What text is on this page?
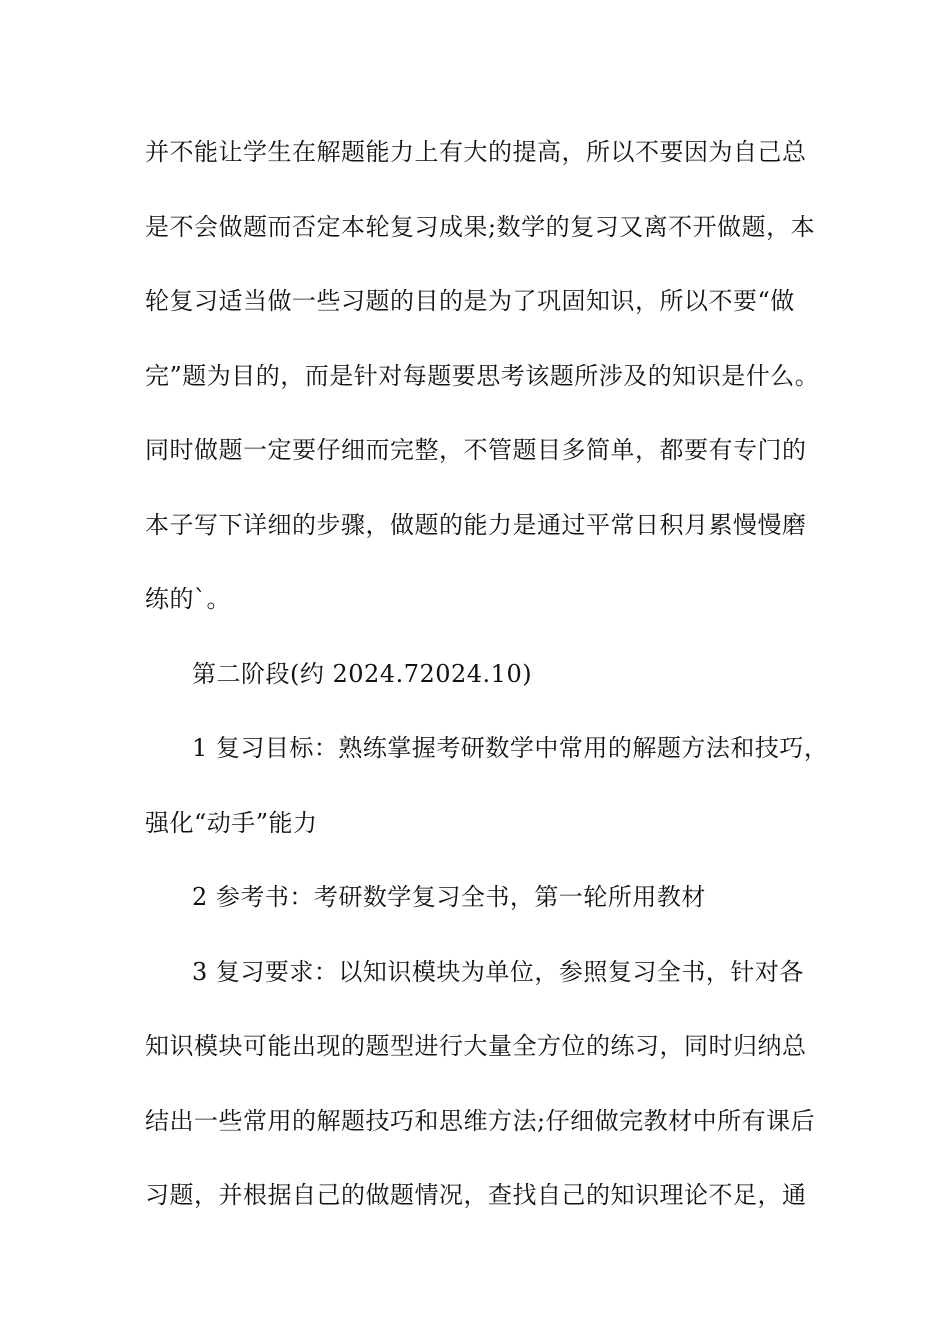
并不能让学生在解题能力上有大的提高，所以不要因为自己总
是不会做题而否定本轮复习成果;数学的复习又离不开做题，本
轮复习适当做一些习题的目的是为了巩固知识，所以不要“做
完”题为目的，而是针对每题要思考该题所涉及的知识是什么。
同时做题一定要仔细而完整，不管题目多简单，都要有专门的
本子写下详细的步骤，做题的能力是通过平常日积月累慢慢磨
练的`。
第二阶段(约 2024.72024.10)
1 复习目标：熟练掌握考研数学中常用的解题方法和技巧，
强化“动手”能力
2 参考书：考研数学复习全书，第一轮所用教材
3 复习要求：以知识模块为单位，参照复习全书，针对各
知识模块可能出现的题型进行大量全方位的练习，同时归纳总
结出一些常用的解题技巧和思维方法;仔细做完教材中所有课后
习题，并根据自己的做题情况，查找自己的知识理论不足，通
